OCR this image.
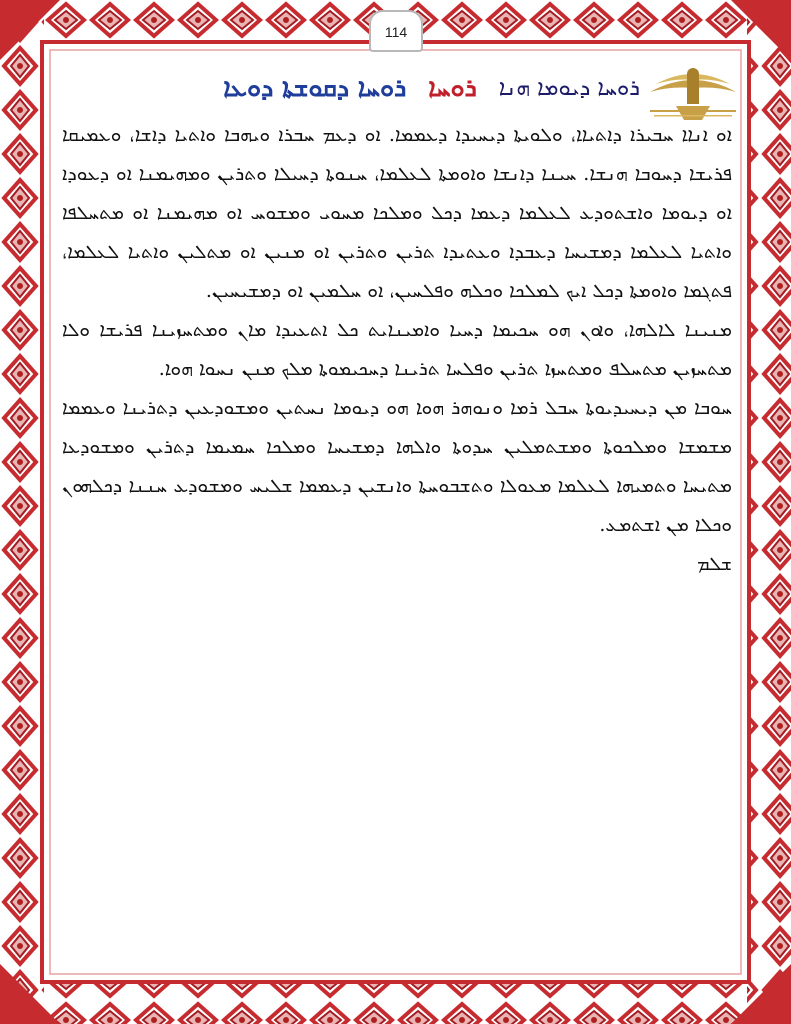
114
ܪܘܚܐ ܕܝܘܡܐ ܗܢܐ
ܪܘܚܐ
ܪܘܚܐ ܕܩܘܫܬܐ ܕܘܥܐ

ܐܘ ܐܢܐܐ ܚܒܝܪܐ ܕܐܬܝܐܐ، ܘܠܘܝܬܐ ܕܝܚܝܕܐ ܕܥܡܡܐ. ܐܘ ܕܥܡ ܚܒܪܐ ܘܝܗܒܐ ܘܐܬܝܐ ܕܐܫܐ، ܘܥܡܝܩܐ ܦܪܝܫܐ ܕܚܘܒܐ ܗܢܫܐ. ܚܝܢܐ ܕܐܢܫܐ ܘܐܘܡܬܐ ܠܥܠܡܐ، ܚܢܘܬܐ ܕܚܝܠܐ ܘܬܪܝܢ ܘܡܗܝܡܢܐ ܐܘ ܕܥܘܕܐ ܐܘ ܕܝܘܡܐ ܘܐܫܬܘܕܥ ܠܥܠܡܐ ܕܥܡܐ ܕܟܠ ܘܡܠܟܐ ܡܚܘܝ ܘܡܫܘܚ ܐܘ ܡܗܝܡܢܐ ܐܘ ܡܬܚܠܦܐ ܘܐܬܝܐ ܠܥܠܡܐ ܕܡܫܝܚܐ ܕܥܒܕܐ ܘܥܬܝܕܐ ܬܪܝܢ ܘܬܪܝܢ ܐܘ ܡܢܝܢ ܐܘ ܡܬܠܝܢ ܘܐܬܝܐ ܠܥܠܡܐ، ܦܬܓܡܐ ܘܐܘܡܬܐ ܕܟܠ ܐܝܟ ܠܡܠܟܐ ܘܟܠܗ ܘܦܠܚܝܢ، ܐܘ ܚܠܡܝܢ ܐܘ ܕܡܫܝܚܝܢ.

ܡܢܝܢܐ ܠܐܠܗܐ، ܘܐܘܢ ܗܘ ܚܟܝܡܐ ܕܚܝܐ ܘܐܡܝܢܐܝܬ ܟܠ ܐܬܥܝܕܐ ܡܐܢ ܘܡܬܚܙܝܢܐ ܦܪܝܫܐ ܘܠܐ ܡܬܚܙܝܢ ܡܬܚܠܦ ܘܡܬܚܙܐ ܬܪܝܢ ܘܦܠܚܐ ܬܪܝܢܐ ܕܚܟܝܡܘܬܐ ܡܠܟ ܡܢܢ ܢܚܘܐ ܗܘܐ.

ܚܘܒܐ ܡܢ ܕܝܚܝܕܝܘܬܐ ܚܒܠ ܪܡܐ ܘܢܘܗܪ ܗܘܐ ܗܘ ܕܝܘܡܐ ܢܚܬܝܢ ܘܡܫܘܕܥܝܢ ܕܬܪܝܢܐ ܘܥܡܡܐ ܡܫܡܫܐ ܘܡܠܟܘܬܐ ܘܡܫܬܡܠܝܢ ܚܕܘܬܐ ܘܐܠܗܐ ܕܡܫܝܚܐ ܘܡܠܟܐ ܚܡܝܡܐ ܕܬܪܝܢ ܘܡܫܘܕܥܐ ܡܬܝܚܐ ܘܬܡܝܗܐ ܠܥܠܡܐ ܡܥܘܠܐ ܘܬܫܒܘܚܬܐ ܘܐܢܫܝܢ ܕܥܡܡܐ ܫܠܝܚ ܘܡܫܘܕܥ ܚܢܢܐ ܕܟܠܗܘܢ ܘܟܠܐ ܡܢ ܐܫܬܡܥ.

ܫܠܡ
